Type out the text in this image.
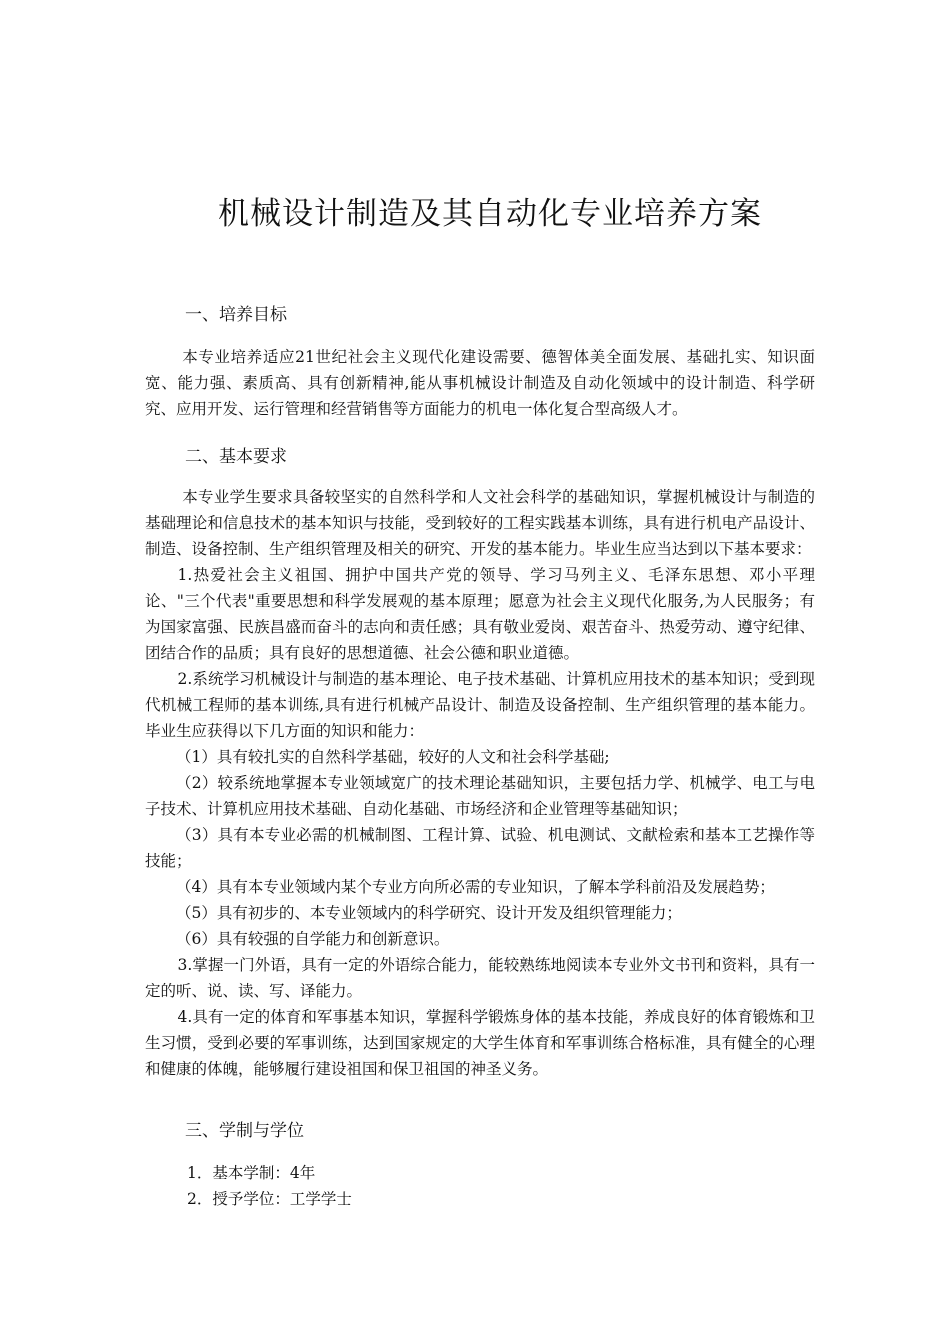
机械设计制造及其自动化专业培养方案
一、培养目标

本专业培养适应21世纪社会主义现代化建设需要、德智体美全面发展、基础扎实、知识面宽、能力强、素质高、具有创新精神,能从事机械设计制造及自动化领域中的设计制造、科学研究、应用开发、运行管理和经营销售等方面能力的机电一体化复合型高级人才。

二、基本要求

本专业学生要求具备较坚实的自然科学和人文社会科学的基础知识，掌握机械设计与制造的基础理论和信息技术的基本知识与技能，受到较好的工程实践基本训练，具有进行机电产品设计、制造、设备控制、生产组织管理及相关的研究、开发的基本能力。毕业生应当达到以下基本要求：

1.热爱社会主义祖国、拥护中国共产党的领导、学习马列主义、毛泽东思想、邓小平理论、"三个代表"重要思想和科学发展观的基本原理；愿意为社会主义现代化服务,为人民服务；有为国家富强、民族昌盛而奋斗的志向和责任感；具有敬业爱岗、艰苦奋斗、热爱劳动、遵守纪律、团结合作的品质；具有良好的思想道德、社会公德和职业道德。

2.系统学习机械设计与制造的基本理论、电子技术基础、计算机应用技术的基本知识；受到现代机械工程师的基本训练,具有进行机械产品设计、制造及设备控制、生产组织管理的基本能力。毕业生应获得以下几方面的知识和能力：

（1）具有较扎实的自然科学基础，较好的人文和社会科学基础;

（2）较系统地掌握本专业领域宽广的技术理论基础知识，主要包括力学、机械学、电工与电子技术、计算机应用技术基础、自动化基础、市场经济和企业管理等基础知识；

（3）具有本专业必需的机械制图、工程计算、试验、机电测试、文献检索和基本工艺操作等技能；

（4）具有本专业领域内某个专业方向所必需的专业知识，了解本学科前沿及发展趋势；

（5）具有初步的、本专业领域内的科学研究、设计开发及组织管理能力；

（6）具有较强的自学能力和创新意识。

3.掌握一门外语，具有一定的外语综合能力，能较熟练地阅读本专业外文书刊和资料，具有一定的听、说、读、写、译能力。

4.具有一定的体育和军事基本知识，掌握科学锻炼身体的基本技能，养成良好的体育锻炼和卫生习惯，受到必要的军事训练，达到国家规定的大学生体育和军事训练合格标准，具有健全的心理和健康的体魄，能够履行建设祖国和保卫祖国的神圣义务。

三、学制与学位

1．基本学制：4年

2．授予学位：工学学士
